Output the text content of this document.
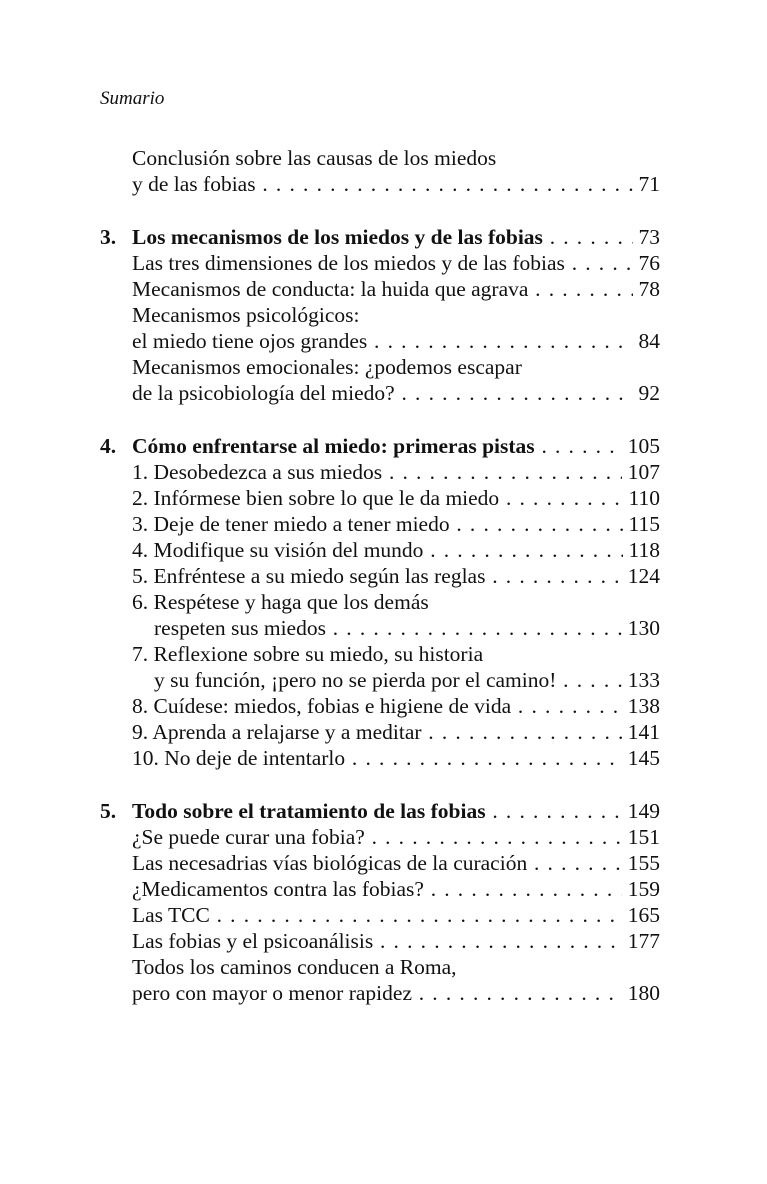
Sumario
Conclusión sobre las causas de los miedos
y de las fobias . . .	71
3. Los mecanismos de los miedos y de las fobias . . .	73
Las tres dimensiones de los miedos y de las fobias . . .	76
Mecanismos de conducta: la huida que agrava . . .	78
Mecanismos psicológicos:
el miedo tiene ojos grandes . . .	84
Mecanismos emocionales: ¿podemos escapar
de la psicobiología del miedo? . . .	92
4. Cómo enfrentarse al miedo: primeras pistas . . .	105
1. Desobedezca a sus miedos . . .	107
2. Infórmese bien sobre lo que le da miedo . . .	110
3. Deje de tener miedo a tener miedo . . .	115
4. Modifique su visión del mundo . . .	118
5. Enfréntese a su miedo según las reglas . . .	124
6. Respétese y haga que los demás
respeten sus miedos . . .	130
7. Reflexione sobre su miedo, su historia
y su función, ¡pero no se pierda por el camino! . . .	133
8. Cuídese: miedos, fobias e higiene de vida . . .	138
9. Aprenda a relajarse y a meditar . . .	141
10. No deje de intentarlo . . .	145
5. Todo sobre el tratamiento de las fobias . . .	149
¿Se puede curar una fobia? . . .	151
Las necesadrias vías biológicas de la curación . . .	155
¿Medicamentos contra las fobias? . . .	159
Las TCC . . .	165
Las fobias y el psicoanálisis . . .	177
Todos los caminos conducen a Roma,
pero con mayor o menor rapidez . . .	180
